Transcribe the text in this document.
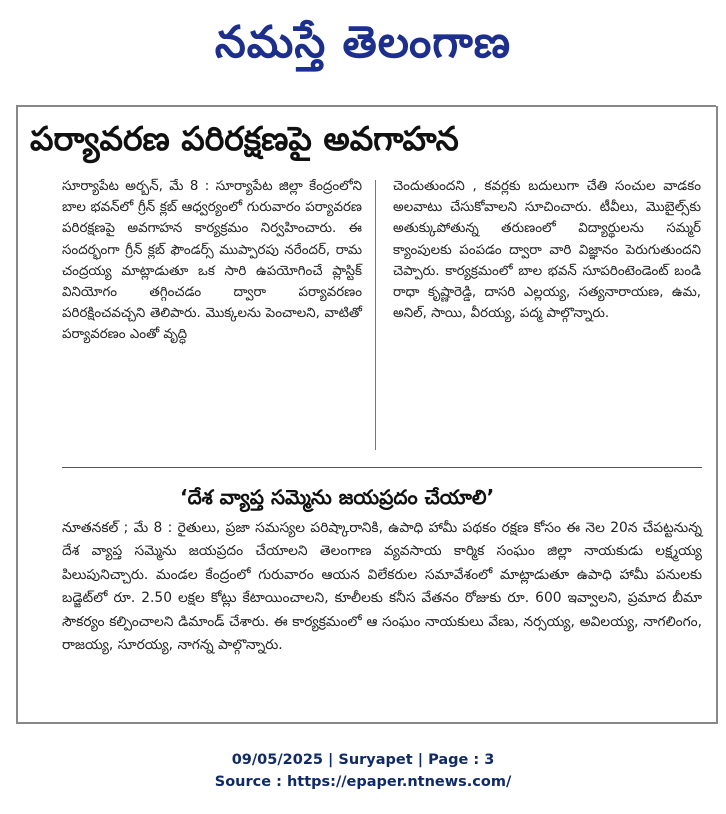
నమస్తే తెలంగాణ
పర్యావరణ పరిరక్షణపై అవగాహన
సూర్యాపేట అర్బన్, మే 8 : సూర్యాపేట జిల్లా కేంద్రంలోని బాల భవన్‌లో గ్రీన్ క్లబ్ ఆధ్వర్యంలో గురువారం పర్యావరణ పరిరక్షణపై అవగాహన కార్యక్రమం నిర్వహించారు. ఈ సందర్భంగా గ్రీన్ క్లబ్ ఫౌండర్స్ ముప్పారపు నరేందర్, రామ చంద్రయ్య మాట్లాడుతూ ఒక సారి ఉపయోగించే ప్లాస్టిక్ వినియోగం తగ్గించడం ద్వారా పర్యావరణం పరిరక్షించవచ్చని తెలిపారు. మొక్కలను పెంచాలని, వాటితో పర్యావరణం ఎంతో వృద్ధి
చెందుతుందని , కవర్లకు బదులుగా చేతి సంచుల వాడకం అలవాటు చేసుకోవాలని సూచించారు. టీవీలు, మొబైల్స్‌కు అతుక్కుపోతున్న తరుణంలో విద్యార్థులను సమ్మర్ క్యాంపులకు పంపడం ద్వారా వారి విజ్ఞానం పెరుగుతుందని చెప్పారు. కార్యక్రమంలో బాల భవన్ సూపరింటెండెంట్ బండి రాధా కృష్ణారెడ్డి, దాసరి ఎల్లయ్య, సత్యనారాయణ, ఉమ, అనిల్, సాయి, వీరయ్య, పద్మ పాల్గొన్నారు.
‘దేశ వ్యాప్త సమ్మెను జయప్రదం చేయాలి’
నూతనకల్ ; మే 8 : రైతులు, ప్రజా సమస్యల పరిష్కారానికి, ఉపాధి హామీ పథకం రక్షణ కోసం ఈ నెల 20న చేపట్టనున్న దేశ వ్యాప్త సమ్మెను జయప్రదం చేయాలని తెలంగాణ వ్యవసాయ కార్మిక సంఘం జిల్లా నాయకుడు లక్ష్మయ్య పిలుపునిచ్చారు. మండల కేంద్రంలో గురువారం ఆయన విలేకరుల సమావేశంలో మాట్లాడుతూ ఉపాధి హామీ పనులకు బడ్జెట్‌లో రూ. 2.50 లక్షల కోట్లు కేటాయించాలని, కూలీలకు కనీస వేతనం రోజుకు రూ. 600 ఇవ్వాలని, ప్రమాద బీమా సౌకర్యం కల్పించాలని డిమాండ్ చేశారు. ఈ కార్యక్రమంలో ఆ సంఘం నాయకులు వేణు, నర్సయ్య, అవిలయ్య, నాగలింగం, రాజయ్య, సూరయ్య, నాగన్న పాల్గొన్నారు.
09/05/2025 | Suryapet | Page : 3
Source : https://epaper.ntnews.com/
